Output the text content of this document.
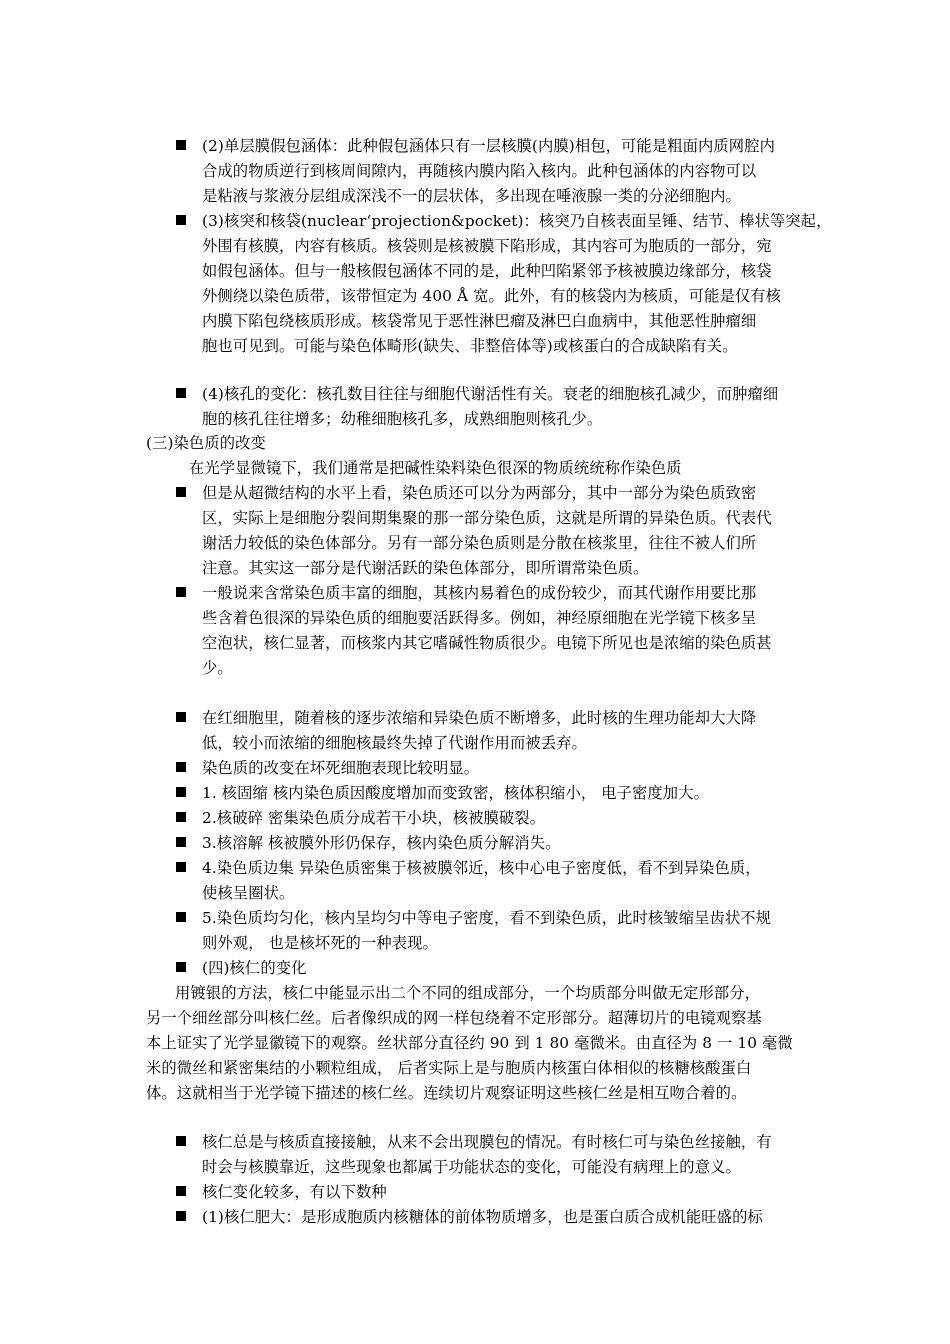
(2)单层膜假包涵体：此种假包涵体只有一层核膜(内膜)相包，可能是粗面内质网腔内
合成的物质逆行到核周间隙内，再随核内膜内陷入核内。此种包涵体的内容物可以
是粘液与浆液分层组成深浅不一的层状体，多出现在唾液腺一类的分泌细胞内。
(3)核突和核袋(nuclear‘projection&pocket)：核突乃自核表面呈锤、结节、棒状等突起，
外围有核膜，内容有核质。核袋则是核被膜下陷形成，其内容可为胞质的一部分，宛
如假包涵体。但与一般核假包涵体不同的是，此种凹陷紧邻予核被膜边缘部分，核袋
外侧绕以染色质带，该带恒定为 400 Å 宽。此外，有的核袋内为核质，可能是仅有核
内膜下陷包绕核质形成。核袋常见于恶性淋巴瘤及淋巴白血病中，其他恶性肿瘤细
胞也可见到。可能与染色体畸形(缺失、非整倍体等)或核蛋白的合成缺陷有关。
(4)核孔的变化：核孔数目往往与细胞代谢活性有关。衰老的细胞核孔减少，而肿瘤细
胞的核孔往往增多；幼稚细胞核孔多，成熟细胞则核孔少。
(三)染色质的改变
在光学显微镜下，我们通常是把碱性染料染色很深的物质统统称作染色质
但是从超微结构的水平上看，染色质还可以分为两部分，其中一部分为染色质致密
区，实际上是细胞分裂间期集聚的那一部分染色质，这就是所谓的异染色质。代表代
谢活力较低的染色体部分。另有一部分染色质则是分散在核浆里，往往不被人们所
注意。其实这一部分是代谢活跃的染色体部分，即所谓常染色质。
一般说来含常染色质丰富的细胞，其核内易着色的成份较少，而其代谢作用要比那
些含着色很深的异染色质的细胞要活跃得多。例如，神经原细胞在光学镜下核多呈
空泡状，核仁显著，而核浆内其它嗜碱性物质很少。电镜下所见也是浓缩的染色质甚
少。
在红细胞里，随着核的逐步浓缩和异染色质不断增多，此时核的生理功能却大大降
低，较小而浓缩的细胞核最终失掉了代谢作用而被丢弃。
染色质的改变在坏死细胞表现比较明显。
1. 核固缩 核内染色质因酸度增加而变致密，核体积缩小， 电子密度加大。
2.核破碎 密集染色质分成若干小块，核被膜破裂。
3.核溶解 核被膜外形仍保存，核内染色质分解消失。
4.染色质边集 异染色质密集于核被膜邻近，核中心电子密度低，看不到异染色质，
使核呈圈状。
5.染色质均匀化，核内呈均匀中等电子密度，看不到染色质，此时核皱缩呈齿状不规
则外观， 也是核坏死的一种表现。
(四)核仁的变化
用镀银的方法，核仁中能显示出二个不同的组成部分，一个均质部分叫做无定形部分，
另一个细丝部分叫核仁丝。后者像织成的网一样包绕着不定形部分。超薄切片的电镜观察基
本上证实了光学显徽镜下的观察。丝状部分直径约 90 到 1 80 毫微米。由直径为 8 一 10 毫微
米的微丝和紧密集结的小颗粒组成， 后者实际上是与胞质内核蛋白体相似的核糖核酸蛋白
体。这就相当于光学镜下描述的核仁丝。连续切片观察证明这些核仁丝是相互吻合着的。
核仁总是与核质直接接触，从来不会出现膜包的情况。有时核仁可与染色丝接触，有
时会与核膜靠近，这些现象也都属于功能状态的变化，可能没有病理上的意义。
核仁变化较多，有以下数种
(1)核仁肥大：是形成胞质内核糖体的前体物质增多，也是蛋白质合成机能旺盛的标
